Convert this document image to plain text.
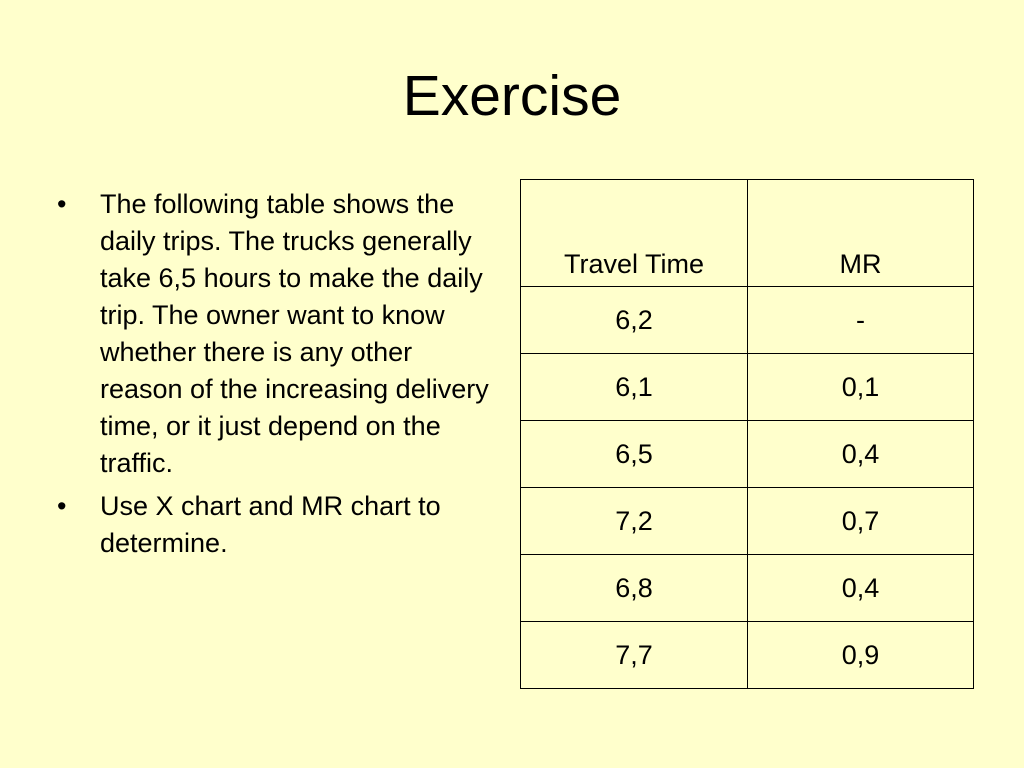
Exercise
•	The following table shows the daily trips. The trucks generally take 6,5 hours to make the daily trip. The owner want to know whether there is any other reason of the increasing delivery time, or it just depend on the traffic.
•	Use X chart and MR chart to determine.
Travel Time	MR
6,2	-
6,1	0,1
6,5	0,4
7,2	0,7
6,8	0,4
7,7	0,9
